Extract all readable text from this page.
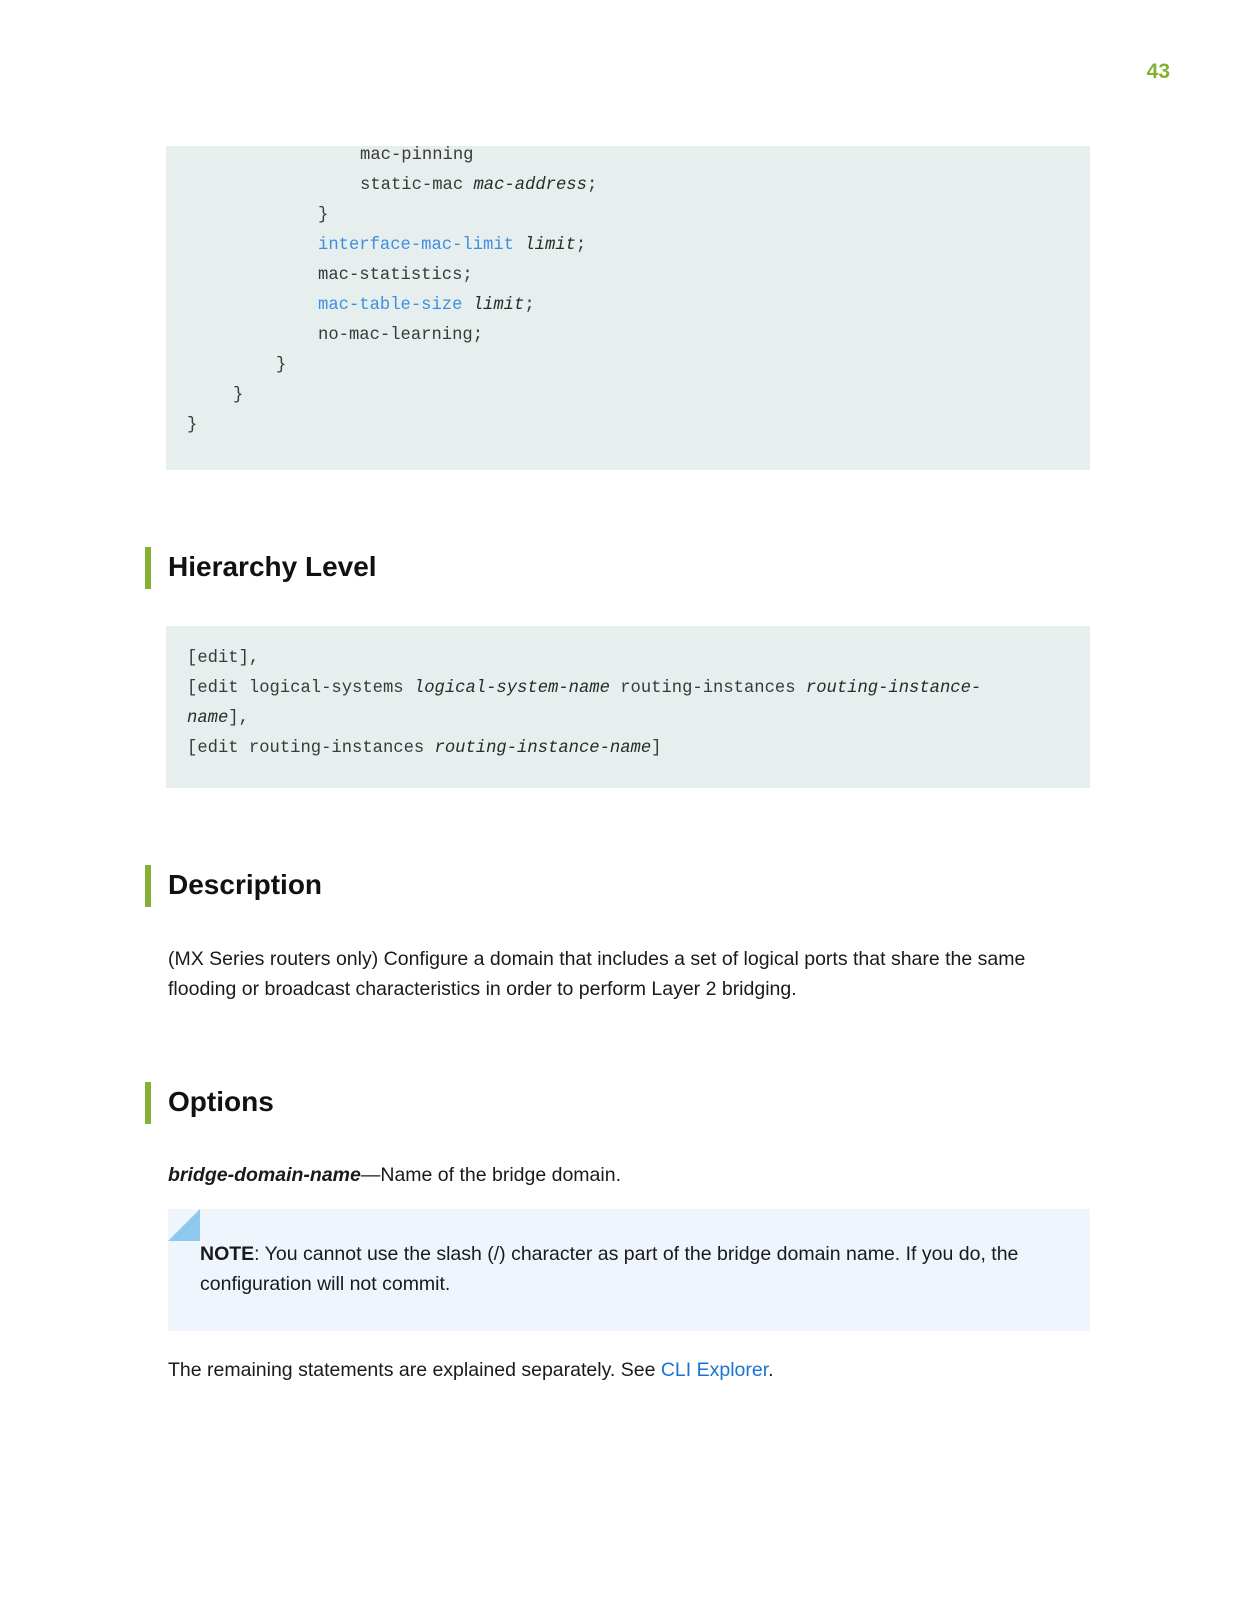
43
mac-pinning
static-mac mac-address;
}
interface-mac-limit limit;
mac-statistics;
mac-table-size limit;
no-mac-learning;
}
}
}
Hierarchy Level
[edit],
[edit logical-systems logical-system-name routing-instances routing-instance-
name],
[edit routing-instances routing-instance-name]
Description
(MX Series routers only) Configure a domain that includes a set of logical ports that share the same
flooding or broadcast characteristics in order to perform Layer 2 bridging.
Options
bridge-domain-name—Name of the bridge domain.
NOTE: You cannot use the slash (/) character as part of the bridge domain name. If you do, the
configuration will not commit.
The remaining statements are explained separately. See CLI Explorer.
